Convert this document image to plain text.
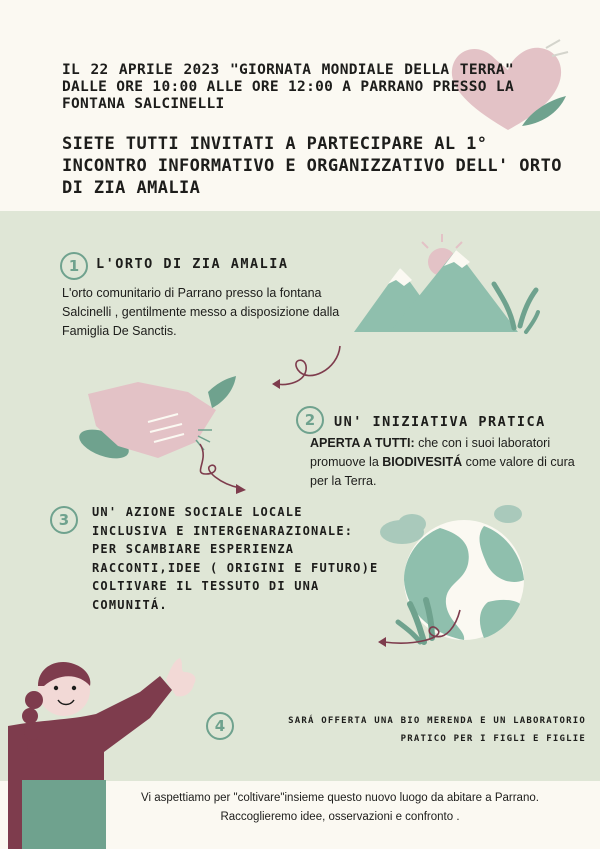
IL 22 APRILE 2023 "GIORNATA MONDIALE DELLA TERRA" DALLE ORE 10:00 ALLE ORE 12:00 A PARRANO PRESSO LA FONTANA SALCINELLI
SIETE TUTTI INVITATI A PARTECIPARE AL 1° INCONTRO INFORMATIVO E ORGANIZZATIVO DELL' ORTO DI ZIA AMALIA
1	L'ORTO DI ZIA AMALIA
L'orto comunitario di Parrano presso la fontana Salcinelli , gentilmente messo a disposizione dalla Famiglia De Sanctis.
2	UN' INIZIATIVA PRATICA
APERTA A TUTTI: che con i suoi laboratori promuove la BIODIVESITÁ come valore di cura per la Terra.
3	UN' AZIONE SOCIALE LOCALE INCLUSIVA E INTERGENARAZIONALE: PER SCAMBIARE ESPERIENZA RACCONTI,IDEE ( ORIGINI E FUTURO)E COLTIVARE IL TESSUTO DI UNA COMUNITÁ.
4	SARÁ OFFERTA UNA BIO MERENDA E UN LABORATORIO
PRATICO PER I FIGLI E FIGLIE
Vi aspettiamo per "coltivare"insieme questo nuovo luogo da abitare a Parrano.
Raccoglieremo idee, osservazioni e confronto .
